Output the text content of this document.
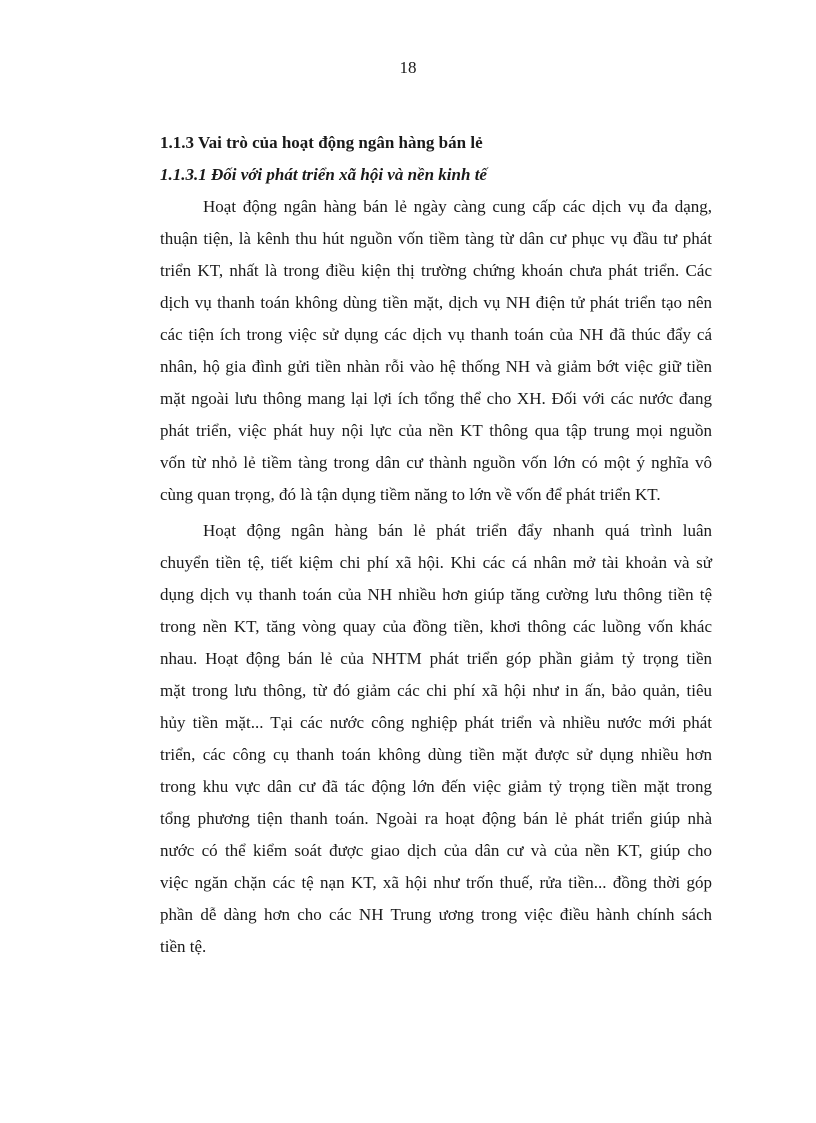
18
1.1.3 Vai trò của hoạt động ngân hàng bán lẻ
1.1.3.1 Đối với phát triển xã hội và nền kinh tế
Hoạt động ngân hàng bán lẻ ngày càng cung cấp các dịch vụ đa dạng,
thuận tiện, là kênh thu hút nguồn vốn tiềm tàng từ dân cư phục vụ đầu tư phát
triển KT, nhất là trong điều kiện thị trường chứng khoán chưa phát triển. Các
dịch vụ thanh toán không dùng tiền mặt, dịch vụ NH điện tử phát triển tạo nên
các tiện ích trong việc sử dụng các dịch vụ thanh toán của NH đã thúc đẩy cá
nhân, hộ gia đình gửi tiền nhàn rỗi vào hệ thống NH và giảm bớt việc giữ tiền
mặt ngoài lưu thông mang lại lợi ích tổng thể cho XH. Đối với các nước đang
phát triển, việc phát huy nội lực của nền KT thông qua tập trung mọi nguồn
vốn từ nhỏ lẻ tiềm tàng trong dân cư thành nguồn vốn lớn có một ý nghĩa vô
cùng quan trọng, đó là tận dụng tiềm năng to lớn về vốn để phát triển KT.
Hoạt động ngân hàng bán lẻ phát triển đẩy nhanh quá trình luân
chuyển tiền tệ, tiết kiệm chi phí xã hội. Khi các cá nhân mở tài khoản và sử
dụng dịch vụ thanh toán của NH nhiều hơn giúp tăng cường lưu thông tiền tệ
trong nền KT, tăng vòng quay của đồng tiền, khơi thông các luồng vốn khác
nhau. Hoạt động bán lẻ của NHTM phát triển góp phần giảm tỷ trọng tiền
mặt trong lưu thông, từ đó giảm các chi phí xã hội như in ấn, bảo quản, tiêu
hủy tiền mặt... Tại các nước công nghiệp phát triển và nhiều nước mới phát
triển, các công cụ thanh toán không dùng tiền mặt được sử dụng nhiều hơn
trong khu vực dân cư đã tác động lớn đến việc giảm tỷ trọng tiền mặt trong
tổng phương tiện thanh toán. Ngoài ra hoạt động bán lẻ phát triển giúp nhà
nước có thể kiểm soát được giao dịch của dân cư và của nền KT, giúp cho
việc ngăn chặn các tệ nạn KT, xã hội như trốn thuế, rửa tiền... đồng thời góp
phần dễ dàng hơn cho các NH Trung ương trong việc điều hành chính sách
tiền tệ.
